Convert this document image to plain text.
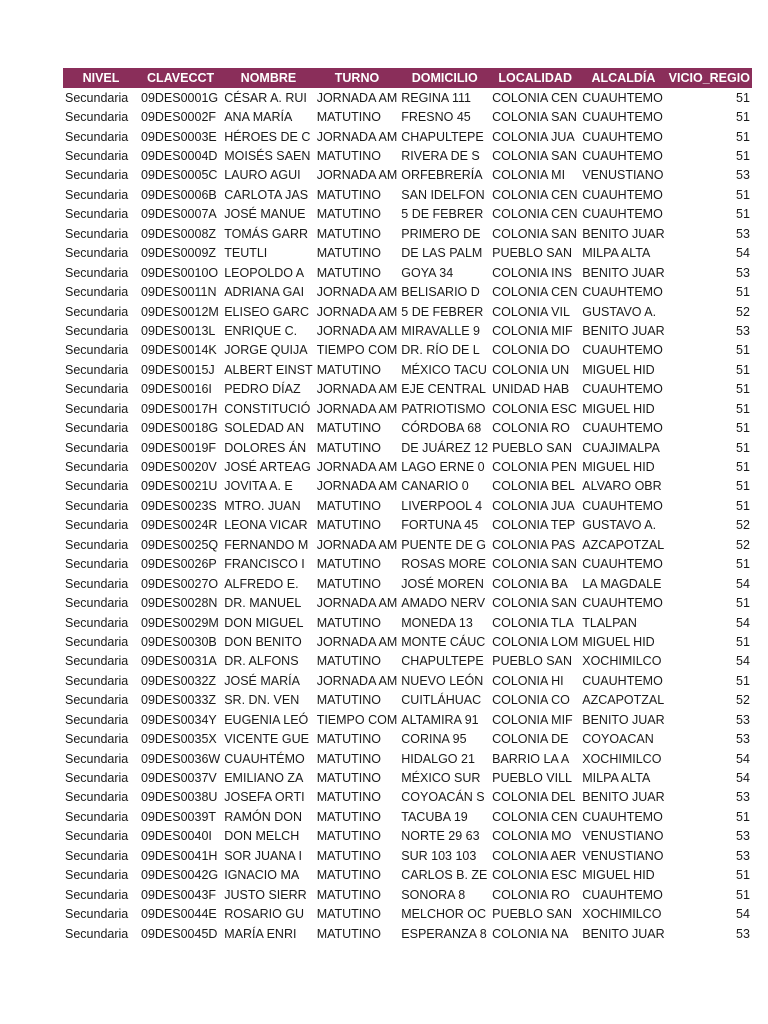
NIVEL	CLAVECCT	NOMBRE	TURNO	DOMICILIO	LOCALIDAD	ALCALDÍA	VICIO_REGIO
Secundaria	09DES0001G	CÉSAR A. RUI	JORNADA AM	REGINA 111	COLONIA CEN	CUAUHTEMO	51
Secundaria	09DES0002F	ANA MARÍA	MATUTINO	FRESNO 45	COLONIA SAN	CUAUHTEMO	51
Secundaria	09DES0003E	HÉROES DE C	JORNADA AM	CHAPULTEPE	COLONIA JUA	CUAUHTEMO	51
Secundaria	09DES0004D	MOISÉS SAEN	MATUTINO	RIVERA DE S	COLONIA SAN	CUAUHTEMO	51
Secundaria	09DES0005C	LAURO AGUI	JORNADA AM	ORFEBRERÍA	COLONIA MI	VENUSTIANO	53
Secundaria	09DES0006B	CARLOTA JAS	MATUTINO	SAN IDELFON	COLONIA CEN	CUAUHTEMO	51
Secundaria	09DES0007A	JOSÉ MANUE	MATUTINO	5 DE FEBRER	COLONIA CEN	CUAUHTEMO	51
Secundaria	09DES0008Z	TOMÁS GARR	MATUTINO	PRIMERO DE	COLONIA SAN	BENITO JUAR	53
Secundaria	09DES0009Z	TEUTLI	MATUTINO	DE LAS PALM	PUEBLO SAN	MILPA ALTA	54
Secundaria	09DES0010O	LEOPOLDO A	MATUTINO	GOYA 34	COLONIA INS	BENITO JUAR	53
Secundaria	09DES0011N	ADRIANA GAI	JORNADA AM	BELISARIO D	COLONIA CEN	CUAUHTEMO	51
Secundaria	09DES0012M	ELISEO GARC	JORNADA AM	5 DE FEBRER	COLONIA VIL	GUSTAVO A.	52
Secundaria	09DES0013L	ENRIQUE C.	JORNADA AM	MIRAVALLE 9	COLONIA MIF	BENITO JUAR	53
Secundaria	09DES0014K	JORGE QUIJA	TIEMPO COM	DR. RÍO DE L	COLONIA DO	CUAUHTEMO	51
Secundaria	09DES0015J	ALBERT EINST	MATUTINO	MÉXICO TACU	COLONIA UN	MIGUEL HID	51
Secundaria	09DES0016I	PEDRO DÍAZ	JORNADA AM	EJE CENTRAL	UNIDAD HAB	CUAUHTEMO	51
Secundaria	09DES0017H	CONSTITUCIÓ	JORNADA AM	PATRIOTISMO	COLONIA ESC	MIGUEL HID	51
Secundaria	09DES0018G	SOLEDAD AN	MATUTINO	CÓRDOBA 68	COLONIA RO	CUAUHTEMO	51
Secundaria	09DES0019F	DOLORES ÁN	MATUTINO	DE JUÁREZ 12	PUEBLO SAN	CUAJIMALPA	51
Secundaria	09DES0020V	JOSÉ ARTEAG	JORNADA AM	LAGO ERNE 0	COLONIA PEN	MIGUEL HID	51
Secundaria	09DES0021U	JOVITA A. E	JORNADA AM	CANARIO 0	COLONIA BEL	ALVARO OBR	51
Secundaria	09DES0023S	MTRO. JUAN	MATUTINO	LIVERPOOL 4	COLONIA JUA	CUAUHTEMO	51
Secundaria	09DES0024R	LEONA VICAR	MATUTINO	FORTUNA 45	COLONIA TEP	GUSTAVO A.	52
Secundaria	09DES0025Q	FERNANDO M	JORNADA AM	PUENTE DE G	COLONIA PAS	AZCAPOTZAL	52
Secundaria	09DES0026P	FRANCISCO I	MATUTINO	ROSAS MORE	COLONIA SAN	CUAUHTEMO	51
Secundaria	09DES0027O	ALFREDO E.	MATUTINO	JOSÉ MOREN	COLONIA BA	LA MAGDALE	54
Secundaria	09DES0028N	DR. MANUEL	JORNADA AM	AMADO NERV	COLONIA SAN	CUAUHTEMO	51
Secundaria	09DES0029M	DON MIGUEL	MATUTINO	MONEDA 13	COLONIA TLA	TLALPAN	54
Secundaria	09DES0030B	DON BENITO	JORNADA AM	MONTE CÁUC	COLONIA LOM	MIGUEL HID	51
Secundaria	09DES0031A	DR. ALFONS	MATUTINO	CHAPULTEPE	PUEBLO SAN	XOCHIMILCO	54
Secundaria	09DES0032Z	JOSÉ MARÍA	JORNADA AM	NUEVO LEÓN	COLONIA HI	CUAUHTEMO	51
Secundaria	09DES0033Z	SR. DN. VEN	MATUTINO	CUITLÁHUAC	COLONIA CO	AZCAPOTZAL	52
Secundaria	09DES0034Y	EUGENIA LEÓ	TIEMPO COM	ALTAMIRA 91	COLONIA MIF	BENITO JUAR	53
Secundaria	09DES0035X	VICENTE GUE	MATUTINO	CORINA 95	COLONIA DE	COYOACAN	53
Secundaria	09DES0036W	CUAUHTÉMO	MATUTINO	HIDALGO 21	BARRIO LA A	XOCHIMILCO	54
Secundaria	09DES0037V	EMILIANO ZA	MATUTINO	MÉXICO SUR	PUEBLO VILL	MILPA ALTA	54
Secundaria	09DES0038U	JOSEFA ORTI	MATUTINO	COYOACÁN S	COLONIA DEL	BENITO JUAR	53
Secundaria	09DES0039T	RAMÓN DON	MATUTINO	TACUBA 19	COLONIA CEN	CUAUHTEMO	51
Secundaria	09DES0040I	DON MELCH	MATUTINO	NORTE 29 63	COLONIA MO	VENUSTIANO	53
Secundaria	09DES0041H	SOR JUANA I	MATUTINO	SUR 103 103	COLONIA AER	VENUSTIANO	53
Secundaria	09DES0042G	IGNACIO MA	MATUTINO	CARLOS B. ZE	COLONIA ESC	MIGUEL HID	51
Secundaria	09DES0043F	JUSTO SIERR	MATUTINO	SONORA 8	COLONIA RO	CUAUHTEMO	51
Secundaria	09DES0044E	ROSARIO GU	MATUTINO	MELCHOR OC	PUEBLO SAN	XOCHIMILCO	54
Secundaria	09DES0045D	MARÍA ENRI	MATUTINO	ESPERANZA 8	COLONIA NA	BENITO JUAR	53
